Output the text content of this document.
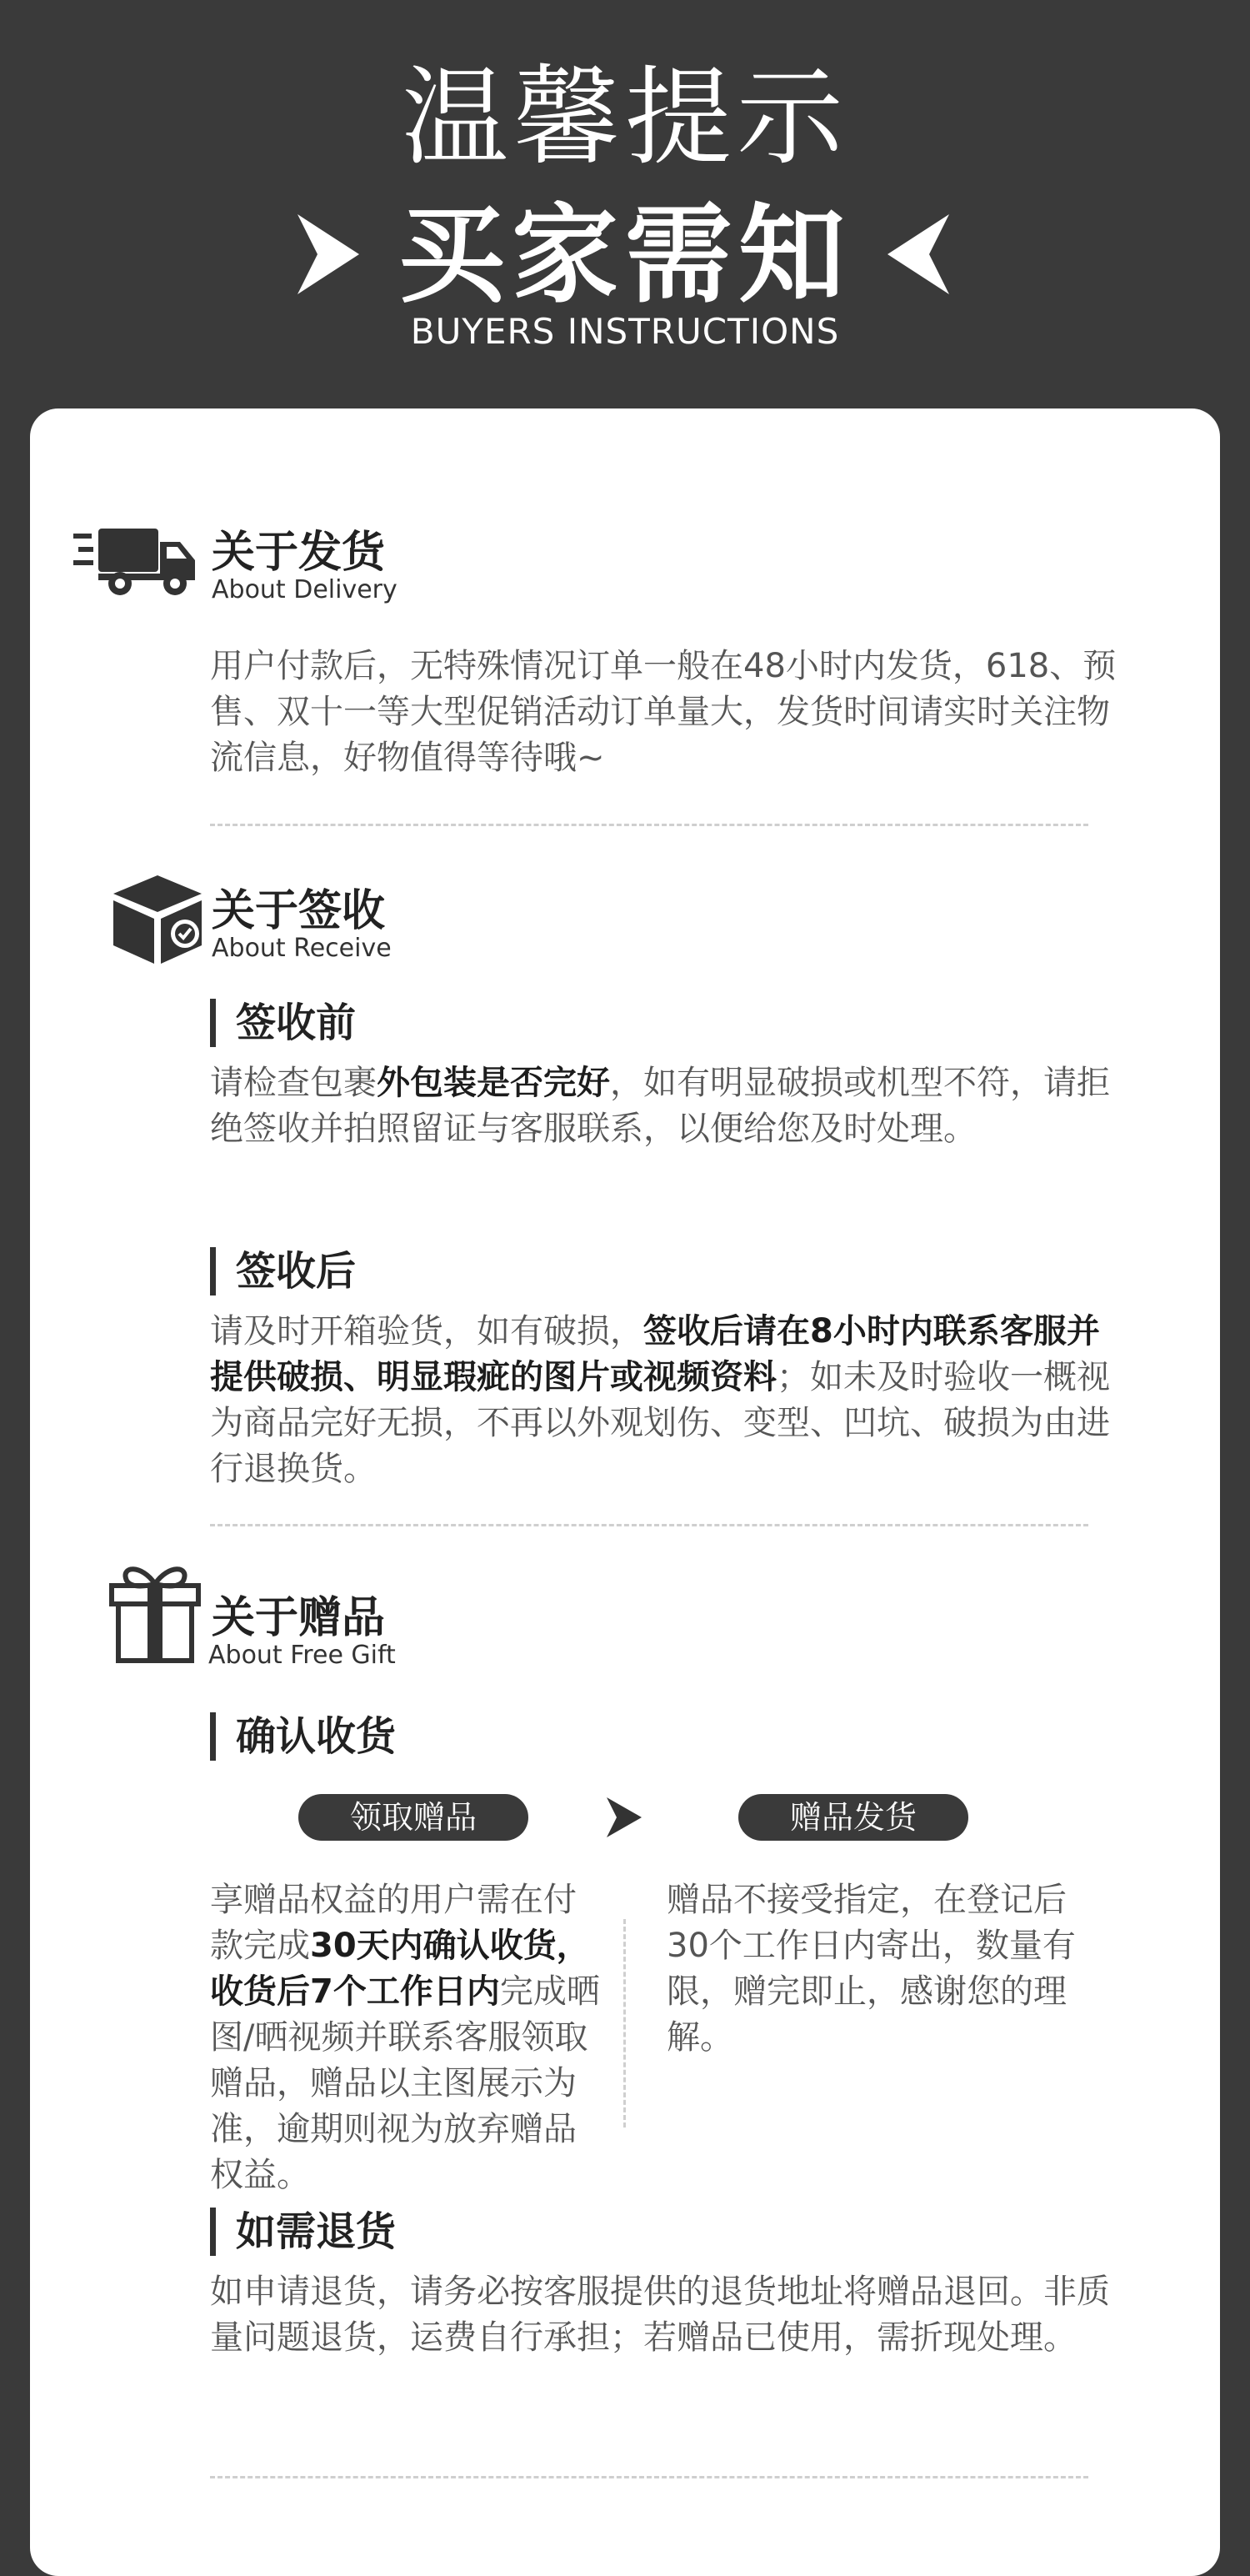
温馨提示
买家需知
BUYERS INSTRUCTIONS
关于发货
About Delivery
用户付款后，无特殊情况订单一般在48小时内发货，618、预售、双十一等大型促销活动订单量大，发货时间请实时关注物流信息，好物值得等待哦~
关于签收
About Receive
签收前
请检查包裹外包装是否完好，如有明显破损或机型不符，请拒绝签收并拍照留证与客服联系，以便给您及时处理。
签收后
请及时开箱验货，如有破损，签收后请在8小时内联系客服并提供破损、明显瑕疵的图片或视频资料；如未及时验收一概视为商品完好无损，不再以外观划伤、变型、凹坑、破损为由进行退换货。
关于赠品
About Free Gift
确认收货
领取赠品	赠品发货
享赠品权益的用户需在付款完成30天内确认收货，收货后7个工作日内完成晒图/晒视频并联系客服领取赠品，赠品以主图展示为准，逾期则视为放弃赠品权益。
赠品不接受指定，在登记后30个工作日内寄出，数量有限，赠完即止，感谢您的理解。
如需退货
如申请退货，请务必按客服提供的退货地址将赠品退回。非质量问题退货，运费自行承担；若赠品已使用，需折现处理。
